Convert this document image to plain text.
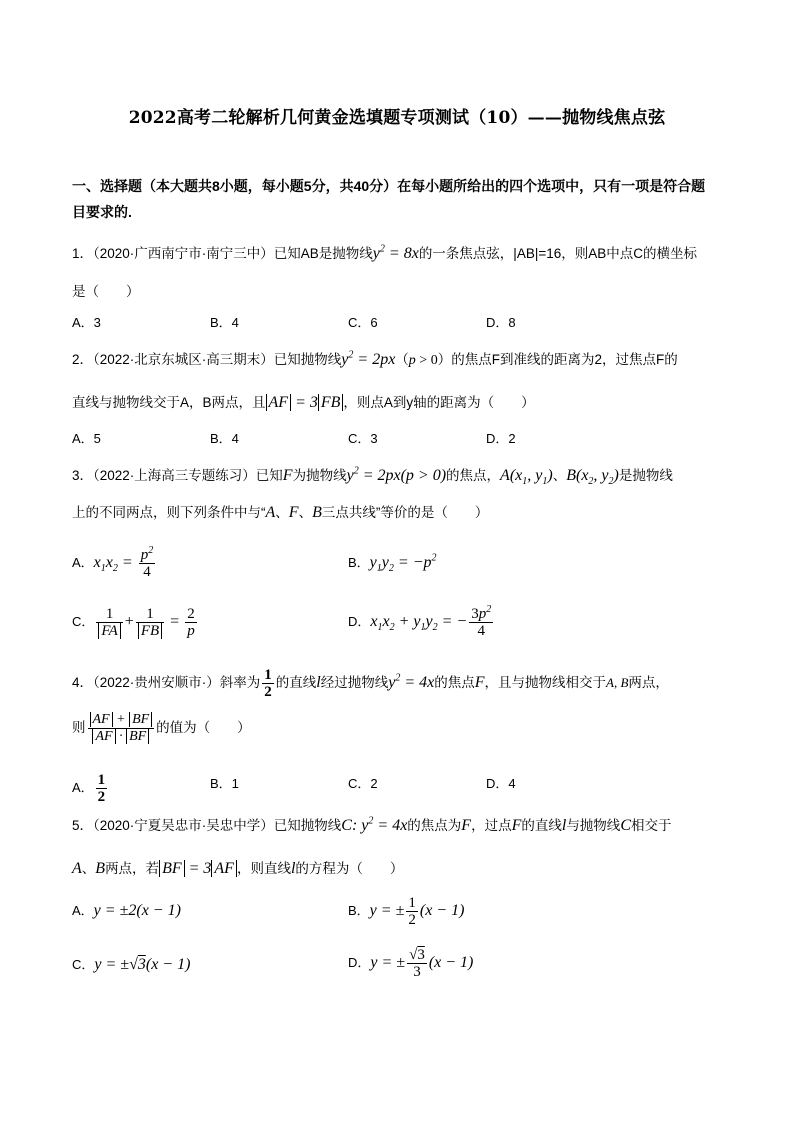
2022高考二轮解析几何黄金选填题专项测试（10）——抛物线焦点弦
一、选择题（本大题共8小题，每小题5分，共40分）在每小题所给出的四个选项中，只有一项是符合题
目要求的.
1．（2020·广西南宁市·南宁三中）已知AB是抛物线$y^2 = 8x$的一条焦点弦，|AB|=16，则AB中点C的横坐标
是（　　）
A．3	B．4	C．6	D．8
2．（2022·北京东城区·高三期末）已知抛物线$y^2 = 2px(p > 0)$的焦点F到准线的距离为2，过焦点F的
直线与抛物线交于A，B两点，且 AF = 3 FB ，则点A到y轴的距离为（　　）
A．5	B．4	C．3	D．2
3．（2022·上海高三专题练习）已知F为抛物线$y^2 = 2px(p > 0)$的焦点，$A(x_1$, $y_1$)、$B(x_2$, $y_2$)是抛物线
上的不同两点，则下列条件中与“A、F、B三点共线”等价的是（　　）
A．$x_1x_2 = \frac{p^2}{4}$	B．$y_1y_2 = -p^2$
C． $\frac{1}{FA} + \frac{1}{FB} = \frac{2}{p}$	D．$x_1x_2 + y_1y_2$ = − $\frac{3p^2}{4}$
4．（2022·贵州安顺市·）斜率为 $\frac{1}{2}$ 的直线l经过抛物线$y^2 = 4x$的焦点F，且与抛物线相交于A, B两点，
则 $\frac{AF + BF}{AF \cdot BF}$ 的值为（　　）
A． $\frac{1}{2}$	B．1	C．2	D．4
5．（2020·宁夏吴忠市·吴忠中学）已知抛物线C: $y^2 = 4x$的焦点为F，过点F的直线l与抛物线C相交于
A、B两点，若 BF = 3 AF ，则直线l的方程为（　　）
A．y = ±2(x − 1)	B．y = ± $\frac{1}{2} (x - 1)$
C．y = ±√3(x − 1)	D．y = ± $\frac{√3}{3} (x - 1)$
